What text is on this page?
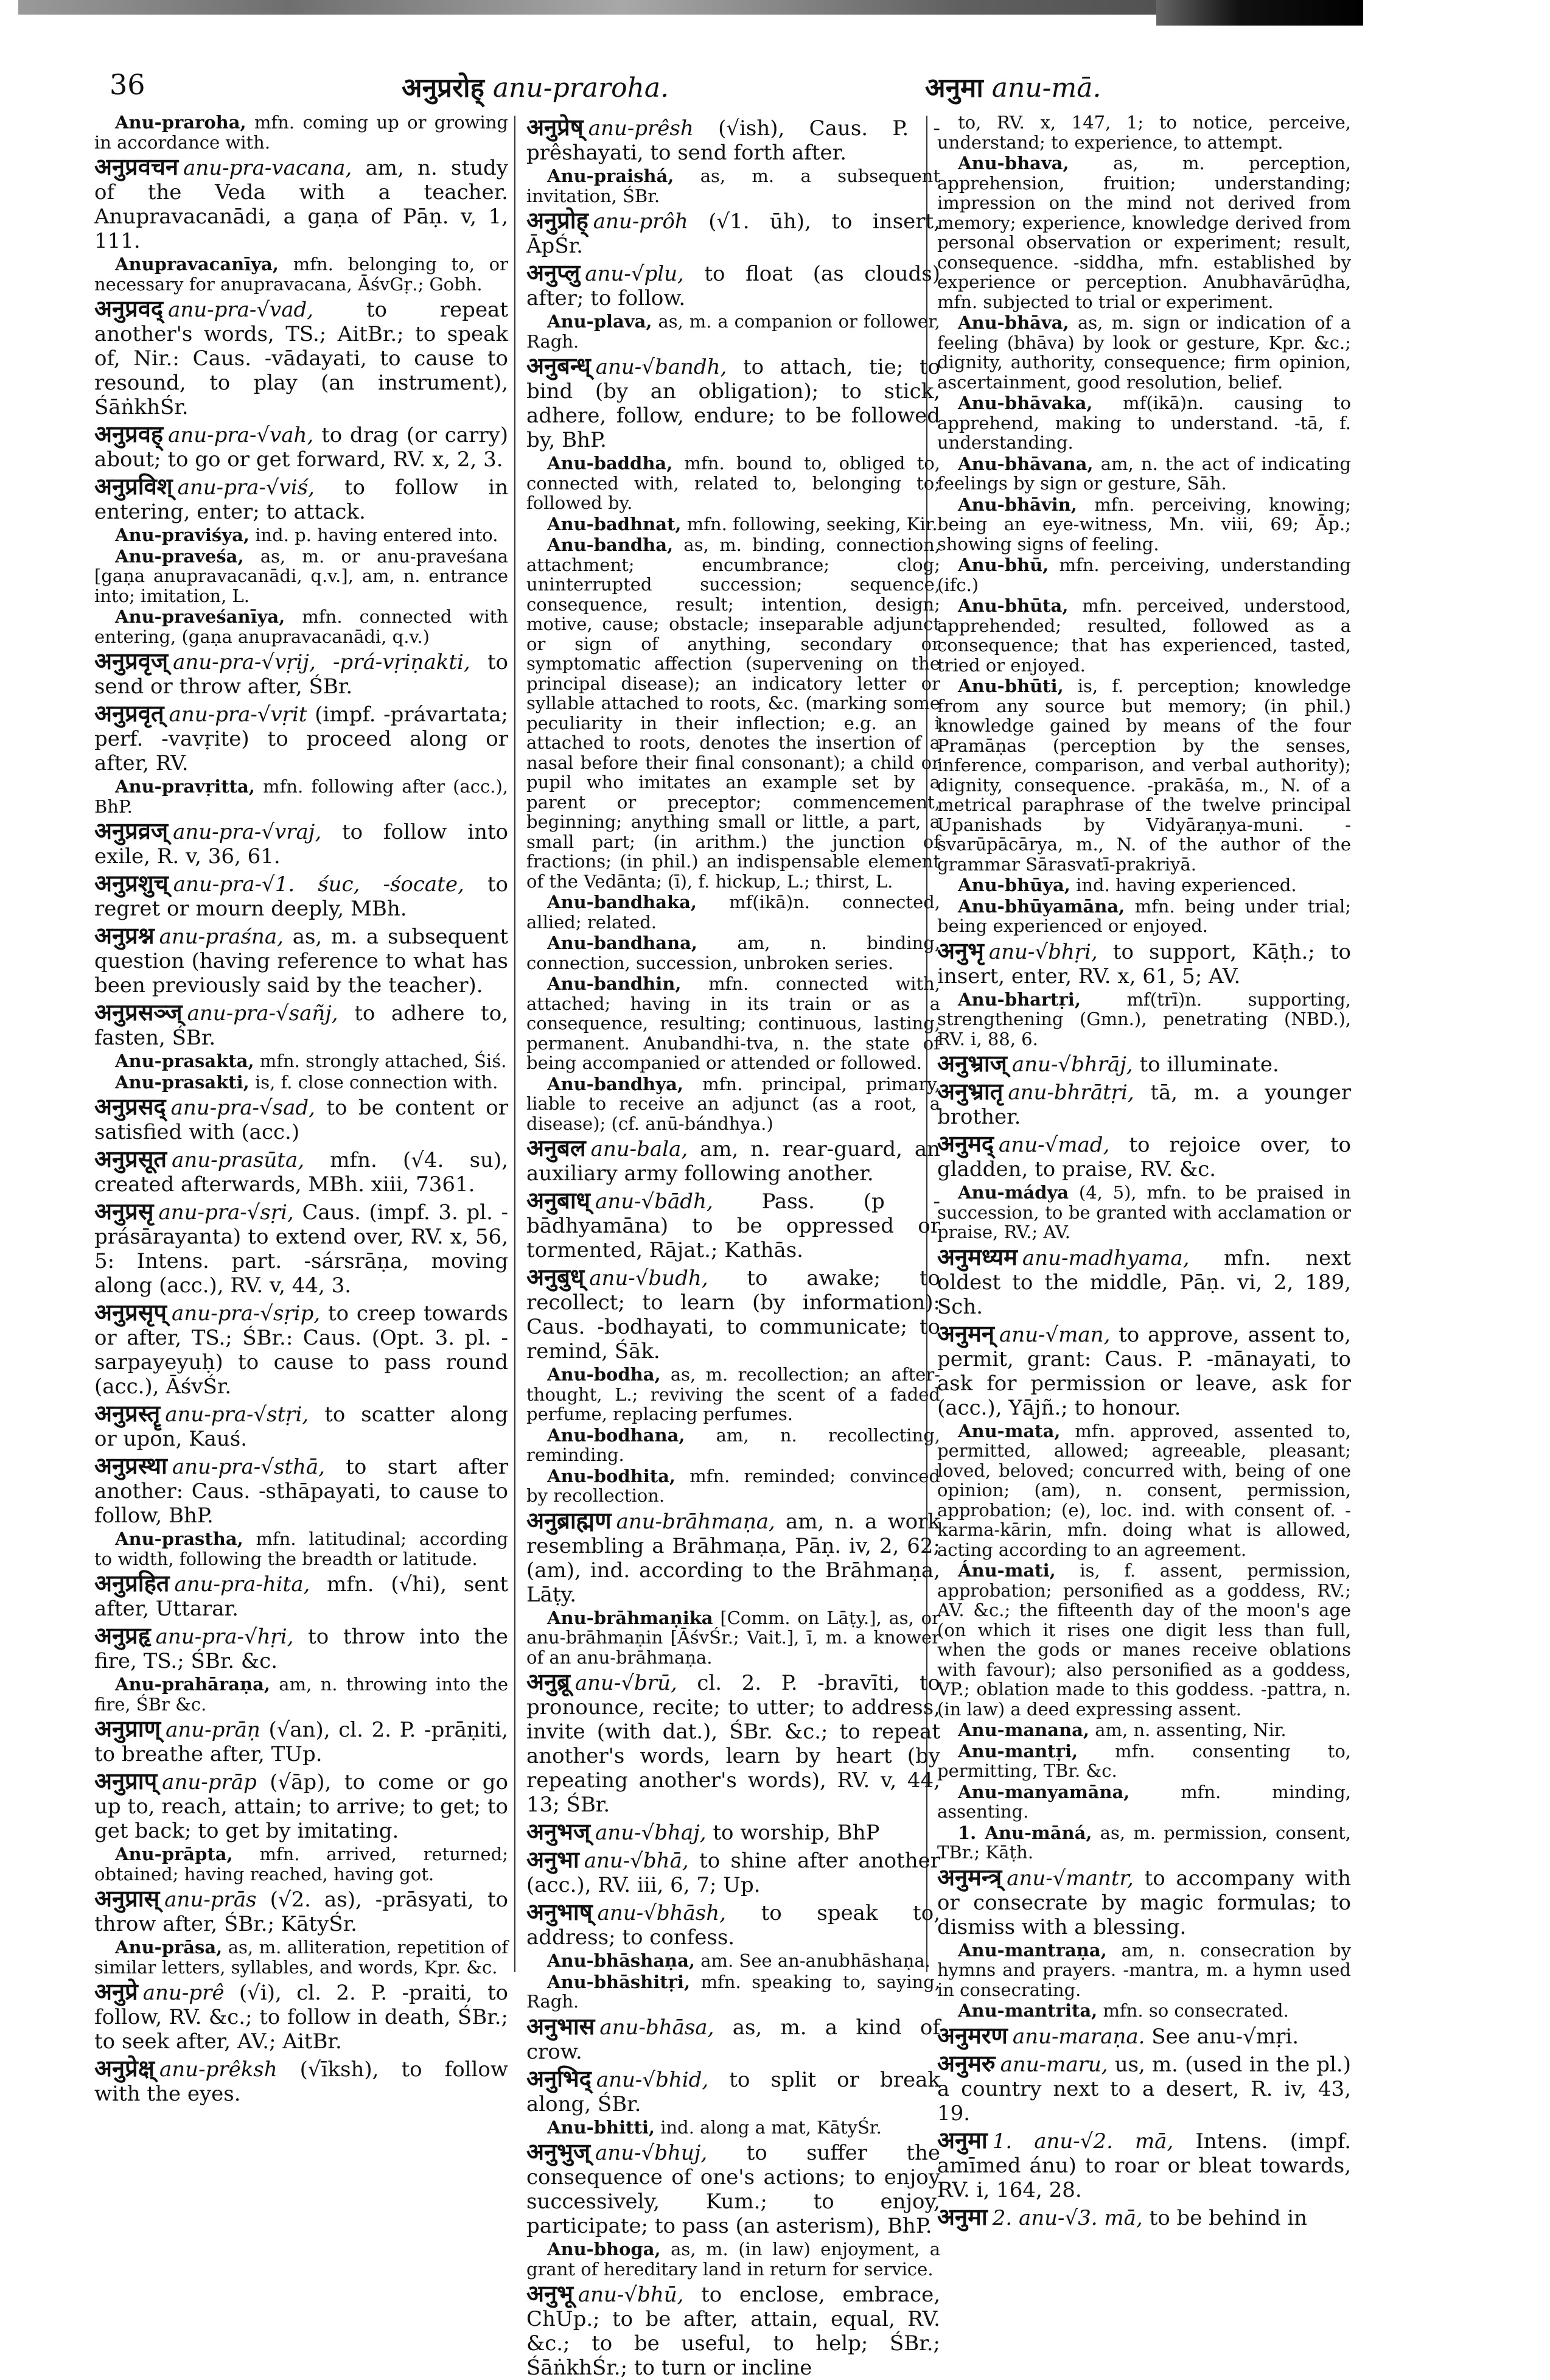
36	अनुप्ररोह् anu-praroha.	अनुमा anu-mā.

Anu-praroha, mfn. coming up or growing in accordance with.

अनुप्रवचन anu-pra-vacana, am, n. study of the Veda with a teacher. Anupravacanādi, a gaṇa of Pāṇ. v, 1, 111.

Anupravacanīya, mfn. belonging to, or necessary for anupravacana, ĀśvGṛ.; Gobh.

अनुप्रवद् anu-pra-√vad,	to repeat another's words, TS.; AitBr.; to speak of, Nir.: Caus. -vādayati, to cause to resound, to play (an instrument), ŚāṅkhŚr.

अनुप्रवह् anu-pra-√vah, to drag (or carry) about; to go or get forward, RV. x, 2, 3.

अनुप्रविश् anu-pra-√viś, to follow in entering, enter; to attack.

Anu-praviśya, ind. p. having entered into.

Anu-praveśa, as, m. or anu-praveśana [gaṇa anupravacanādi, q.v.], am, n. entrance into; imitation, L.

Anu-praveśanīya, mfn. connected with entering, (gaṇa anupravacanādi, q.v.)

अनुप्रवृज् anu-pra-√vṛij, -prá-vṛiṇakti, to send or throw after, ŚBr.

अनुप्रवृत् anu-pra-√vṛit (impf. -právartata; perf. -vavṛite) to proceed along or after, RV.

Anu-pravṛitta, mfn. following after (acc.), BhP.

अनुप्रव्रज् anu-pra-√vraj, to follow into exile, R. v, 36, 61.

अनुप्रशुच् anu-pra-√1. śuc, -śocate, to regret or mourn deeply, MBh.

अनुप्रश्न anu-praśna, as, m. a subsequent question (having reference to what has been previously said by the teacher).

अनुप्रसञ्ज् anu-pra-√sañj, to adhere to, fasten, ŚBr.

Anu-prasakta, mfn. strongly attached, Śiś.

Anu-prasakti, is, f. close connection with.

अनुप्रसद् anu-pra-√sad, to be content or satisfied with (acc.)

अनुप्रसूत anu-prasūta, mfn. (√4. su), created afterwards, MBh. xiii, 7361.

अनुप्रसृ anu-pra-√sṛi, Caus. (impf. 3. pl. -prásārayanta) to extend over, RV. x, 56, 5: Intens. part. -sársrāṇa, moving along (acc.), RV. v, 44, 3.

अनुप्रसृप् anu-pra-√sṛip, to creep towards or after, TS.; ŚBr.: Caus. (Opt. 3. pl. -sarpayeyuḥ) to cause to pass round (acc.), ĀśvŚr.

अनुप्रस्तॄ anu-pra-√stṛi, to scatter along or upon, Kauś.

अनुप्रस्था anu-pra-√sthā, to start after another: Caus. -sthāpayati, to cause to follow, BhP.

Anu-prastha, mfn. latitudinal; according to width, following the breadth or latitude.

अनुप्रहित anu-pra-hita, mfn. (√hi), sent after, Uttarar.

अनुप्रहृ anu-pra-√hṛi, to throw into the fire, TS.; ŚBr. &c.

Anu-prahāraṇa, am, n. throwing into the fire, ŚBr &c.

अनुप्राण् anu-prāṇ (√an), cl. 2. P. -prāṇiti, to breathe after, TUp.

अनुप्राप् anu-prāp (√āp), to come or go up to, reach, attain; to arrive; to get; to get back; to get by imitating.

Anu-prāpta, mfn. arrived, returned; obtained; having reached, having got.

अनुप्रास् anu-prās (√2. as), -prāsyati, to throw after, ŚBr.; KātyŚr.

Anu-prāsa, as, m. alliteration, repetition of similar letters, syllables, and words, Kpr. &c.

अनुप्रे anu-prê (√i), cl. 2. P. -praiti, to follow, RV. &c.; to follow in death, ŚBr.; to seek after, AV.; AitBr.

अनुप्रेक्ष् anu-prêksh (√īksh), to follow with the eyes.

अनुप्रेष् anu-prêsh (√ish), Caus. P. -prêshayati, to send forth after.

Anu-praishá, as, m. a subsequent invitation, ŚBr.

अनुप्रोह् anu-prôh (√1. ūh), to insert, ĀpŚr.

अनुप्लु anu-√plu, to float (as clouds) after; to follow.

Anu-plava, as, m. a companion or follower, Ragh.

अनुबन्ध् anu-√bandh, to attach, tie; to bind (by an obligation); to stick, adhere, follow, endure; to be followed by, BhP.

Anu-baddha, mfn. bound to, obliged to, connected with, related to, belonging to; followed by.

Anu-badhnat, mfn. following, seeking, Kir.

Anu-bandha, as, m. binding, connection, attachment; encumbrance; clog; uninterrupted succession; sequence, consequence, result; intention, design; motive, cause; obstacle; inseparable adjunct or sign of anything, secondary or symptomatic affection (supervening on the principal disease); an indicatory letter or syllable attached to roots, &c. (marking some peculiarity in their inflection; e.g. an i attached to roots, denotes the insertion of a nasal before their final consonant); a child or pupil who imitates an example set by a parent or preceptor; commencement, beginning; anything small or little, a part, a small part; (in arithm.) the junction of fractions; (in phil.) an indispensable element of the Vedānta; (ī), f. hickup, L.; thirst, L.

Anu-bandhaka, mf(ikā)n. connected, allied; related.

Anu-bandhana, am, n. binding, connection, succession, unbroken series.

Anu-bandhin, mfn. connected with, attached; having in its train or as a consequence, resulting; continuous, lasting, permanent. Anubandhi-tva, n. the state of being accompanied or attended or followed.

Anu-bandhya, mfn. principal, primary, liable to receive an adjunct (as a root, a disease); (cf. anū-bándhya.)

अनुबल anu-bala, am, n. rear-guard, an auxiliary army following another.

अनुबाध् anu-√bādh, Pass. (p -bādhyamāna) to be oppressed or tormented, Rājat.; Kathās.

अनुबुध् anu-√budh, to awake; to recollect; to learn (by information): Caus. -bodhayati, to communicate; to remind, Śāk.

Anu-bodha, as, m. recollection; an after-thought, L.; reviving the scent of a faded perfume, replacing perfumes.

Anu-bodhana, am, n. recollecting, reminding.

Anu-bodhita, mfn. reminded; convinced by recollection.

अनुब्राह्मण anu-brāhmaṇa, am, n. a work resembling a Brāhmaṇa, Pāṇ. iv, 2, 62; (am), ind. according to the Brāhmaṇa, Lāṭy.

Anu-brāhmaṇika [Comm. on Lāṭy.], as, or anu-brāhmaṇin [ĀśvŚr.; Vait.], ī, m. a knower of an anu-brāhmaṇa.

अनुब्रू anu-√brū, cl. 2. P. -bravīti, to pronounce, recite; to utter; to address, invite (with dat.), ŚBr. &c.; to repeat another's words, learn by heart (by repeating another's words), RV. v, 44, 13; ŚBr.

अनुभज् anu-√bhaj, to worship, BhP

अनुभा anu-√bhā, to shine after another (acc.), RV. iii, 6, 7; Up.

अनुभाष् anu-√bhāsh, to speak to, address; to confess.

Anu-bhāshaṇa, am. See an-anubhāshaṇa.

Anu-bhāshitṛi, mfn. speaking to, saying, Ragh.

अनुभास anu-bhāsa, as, m. a kind of crow.

अनुभिद् anu-√bhid, to split or break along, ŚBr.

Anu-bhitti, ind. along a mat, KātyŚr.

अनुभुज् anu-√bhuj, to suffer the consequence of one's actions; to enjoy successively, Kum.; to enjoy, participate; to pass (an asterism), BhP.

Anu-bhoga, as, m. (in law) enjoyment, a grant of hereditary land in return for service.

अनुभू anu-√bhū, to enclose, embrace, ChUp.; to be after, attain, equal, RV. &c.; to be useful, to help; ŚBr.; ŚāṅkhŚr.; to turn or incline

to, RV. x, 147, 1; to notice, perceive, understand; to experience, to attempt.

Anu-bhava, as, m. perception, apprehension, fruition; understanding; impression on the mind not derived from memory; experience, knowledge derived from personal observation or experiment; result, consequence. -siddha, mfn. established by experience or perception. Anubhavārūḍha, mfn. subjected to trial or experiment.

Anu-bhāva, as, m. sign or indication of a feeling (bhāva) by look or gesture, Kpr. &c.; dignity, authority, consequence; firm opinion, ascertainment, good resolution, belief.

Anu-bhāvaka, mf(ikā)n. causing to apprehend, making to understand. -tā, f. understanding.

Anu-bhāvana, am, n. the act of indicating feelings by sign or gesture, Sāh.

Anu-bhāvin, mfn. perceiving, knowing; being an eye-witness, Mn. viii, 69; Āp.; showing signs of feeling.

Anu-bhū, mfn. perceiving, understanding (ifc.)

Anu-bhūta, mfn. perceived, understood, apprehended; resulted, followed as a consequence; that has experienced, tasted, tried or enjoyed.

Anu-bhūti, is, f. perception; knowledge from any source but memory; (in phil.) knowledge gained by means of the four Pramāṇas (perception by the senses, inference, comparison, and verbal authority); dignity, consequence. -prakāśa, m., N. of a metrical paraphrase of the twelve principal Upanishads by Vidyāraṇya-muni. -svarūpācārya, m., N. of the author of the grammar Sārasvatī-prakriyā.

Anu-bhūya, ind. having experienced.

Anu-bhūyamāna, mfn. being under trial; being experienced or enjoyed.

अनुभृ anu-√bhṛi, to support, Kāṭh.; to insert, enter, RV. x, 61, 5; AV.

Anu-bhartṛi,	mf(trī)n. supporting, strengthening (Gmn.), penetrating (NBD.), RV. i, 88, 6.

अनुभ्राज् anu-√bhrāj, to illuminate.

अनुभ्रातृ anu-bhrātṛi, tā, m. a younger brother.

अनुमद् anu-√mad, to rejoice over, to gladden, to praise, RV. &c.

Anu-mádya (4, 5), mfn. to be praised in succession, to be granted with acclamation or praise, RV.; AV.

अनुमध्यम anu-madhyama, mfn. next oldest to the middle, Pāṇ. vi, 2, 189, Sch.

अनुमन् anu-√man, to approve, assent to, permit, grant: Caus. P. -mānayati, to ask for permission or leave, ask for (acc.), Yājñ.; to honour.

Anu-mata, mfn. approved, assented to, permitted, allowed; agreeable, pleasant; loved, beloved; concurred with, being of one opinion; (am), n. consent, permission, approbation; (e), loc. ind. with consent of. -karma-kārin, mfn. doing what is allowed, acting according to an agreement.

Ánu-mati, is, f. assent, permission, approbation; personified as a goddess, RV.; AV. &c.; the fifteenth day of the moon's age (on which it rises one digit less than full, when the gods or manes receive oblations with favour); also personified as a goddess, VP.; oblation made to this goddess. -pattra, n. (in law) a deed expressing assent.

Anu-manana, am, n. assenting, Nir.

Anu-mantṛi, mfn. consenting to, permitting, TBr. &c.

Anu-manyamāna,	mfn. minding, assenting.

1. Anu-māná, as, m. permission, consent, TBr.; Kāṭh.

अनुमन्त्र् anu-√mantr, to accompany with or consecrate by magic formulas; to dismiss with a blessing.

Anu-mantraṇa, am, n. consecration by hymns and prayers. -mantra, m. a hymn used in consecrating.

Anu-mantrita, mfn. so consecrated.

अनुमरण anu-maraṇa. See anu-√mṛi.

अनुमरु anu-maru, us, m. (used in the pl.) a country next to a desert, R. iv, 43, 19.

अनुमा 1. anu-√2. mā, Intens. (impf. amīmed ánu) to roar or bleat towards, RV. i, 164, 28.

अनुमा 2. anu-√3. mā, to be behind in
